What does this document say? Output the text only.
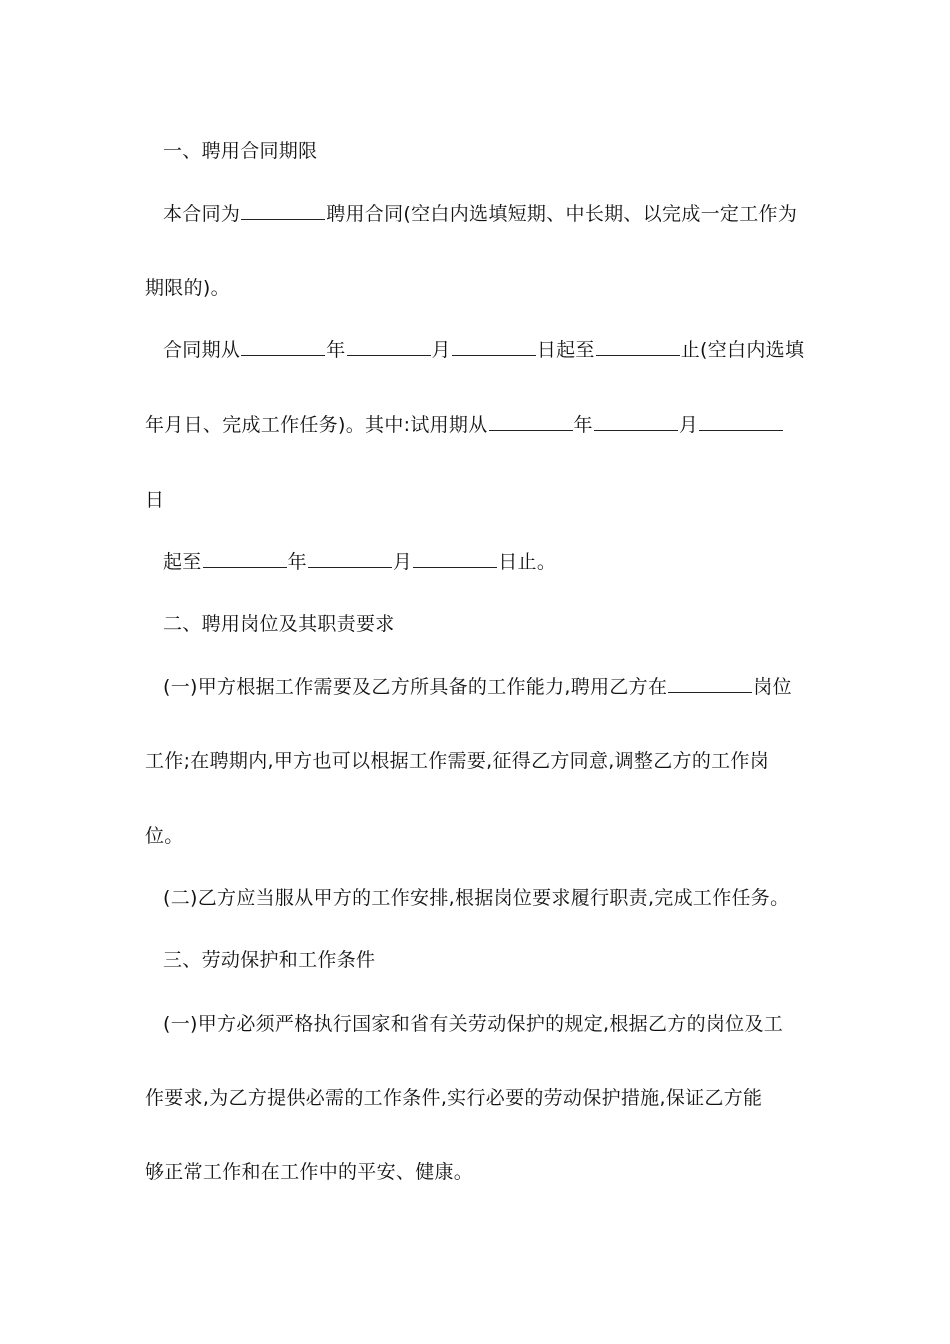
一、聘用合同期限
本合同为	聘用合同(空白内选填短期、中长期、以完成一定工作为
期限的)。
合同期从	年	月	日起至	止(空白内选填
年月日、完成工作任务)。其中:试用期从	年	月
日
起至	年	月	日止。
二、聘用岗位及其职责要求
(一)甲方根据工作需要及乙方所具备的工作能力,聘用乙方在	岗位
工作;在聘期内,甲方也可以根据工作需要,征得乙方同意,调整乙方的工作岗
位。
(二)乙方应当服从甲方的工作安排,根据岗位要求履行职责,完成工作任务。
三、劳动保护和工作条件
(一)甲方必须严格执行国家和省有关劳动保护的规定,根据乙方的岗位及工
作要求,为乙方提供必需的工作条件,实行必要的劳动保护措施,保证乙方能
够正常工作和在工作中的平安、健康。
